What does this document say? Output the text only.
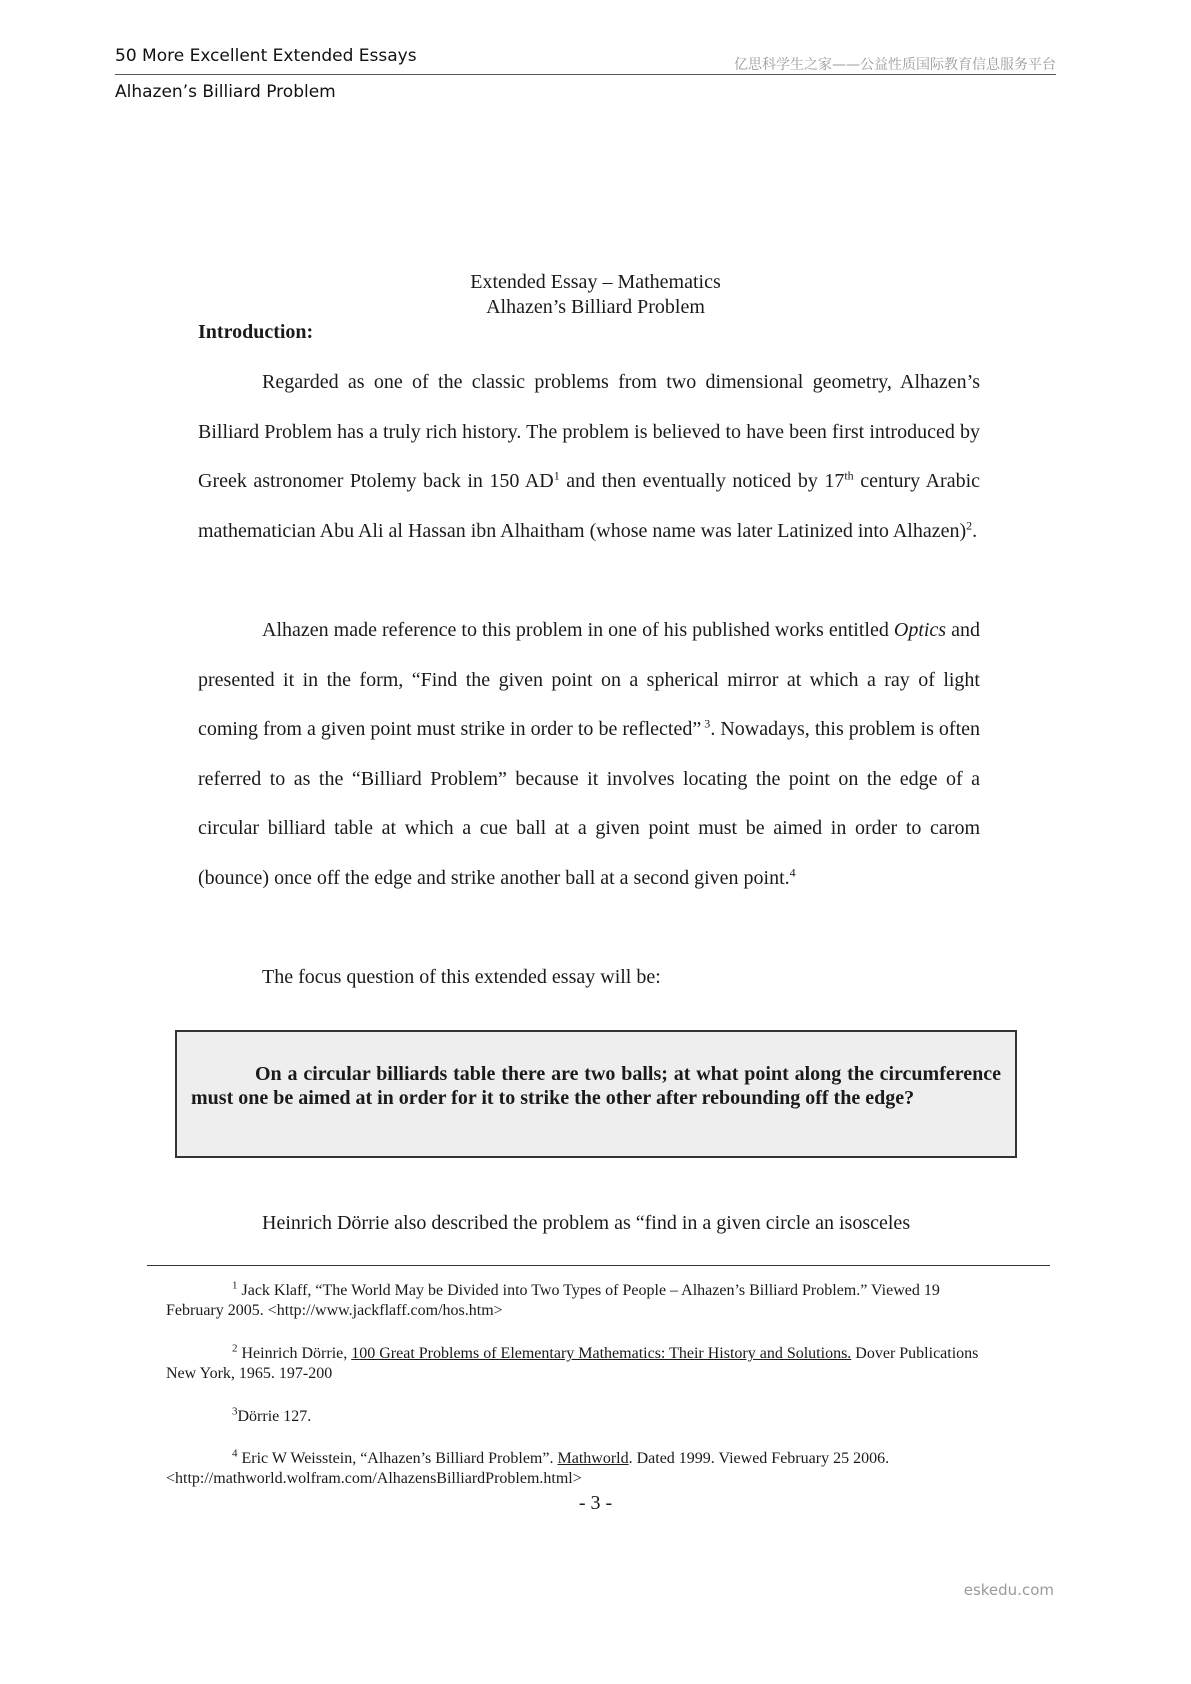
50 More Excellent Extended Essays	亿思科学生之家——公益性质国际教育信息服务平台
Alhazen’s Billiard Problem
Extended Essay – Mathematics
Alhazen’s Billiard Problem
Introduction:

Regarded as one of the classic problems from two dimensional geometry, Alhazen’s Billiard Problem has a truly rich history. The problem is believed to have been first introduced by Greek astronomer Ptolemy back in 150 $AD^1$ and then eventually noticed by 17th century Arabic mathematician Abu Ali al Hassan ibn Alhaitham (whose name was later Latinized into Alhazen)$^2$.

Alhazen made reference to this problem in one of his published works entitled Optics and presented it in the form, “Find the given point on a spherical mirror at which a ray of light coming from a given point must strike in order to be reflected” $^3$. Nowadays, this problem is often referred to as the “Billiard Problem” because it involves locating the point on the edge of a circular billiard table at which a cue ball at a given point must be aimed in order to carom (bounce) once off the edge and strike another ball at a second given point.$^4$

The focus question of this extended essay will be:

On a circular billiards table there are two balls; at what point along the circumference must one be aimed at in order for it to strike the other after rebounding off the edge?

Heinrich Dörrie also described the problem as “find in a given circle an isosceles

$^1$ Jack Klaff, “The World May be Divided into Two Types of People – Alhazen’s Billiard Problem.” Viewed 19 February 2005. <http://www.jackflaff.com/hos.htm>

$^2$ Heinrich Dörrie, 100 Great Problems of Elementary Mathematics: Their History and Solutions. Dover Publications New York, 1965. 197-200

$^3$Dörrie 127.

$^4$ Eric W Weisstein, “Alhazen’s Billiard Problem”. Mathworld. Dated 1999. Viewed February 25 2006. <http://mathworld.wolfram.com/AlhazensBilliardProblem.html>

- 3 -
eskedu.com
